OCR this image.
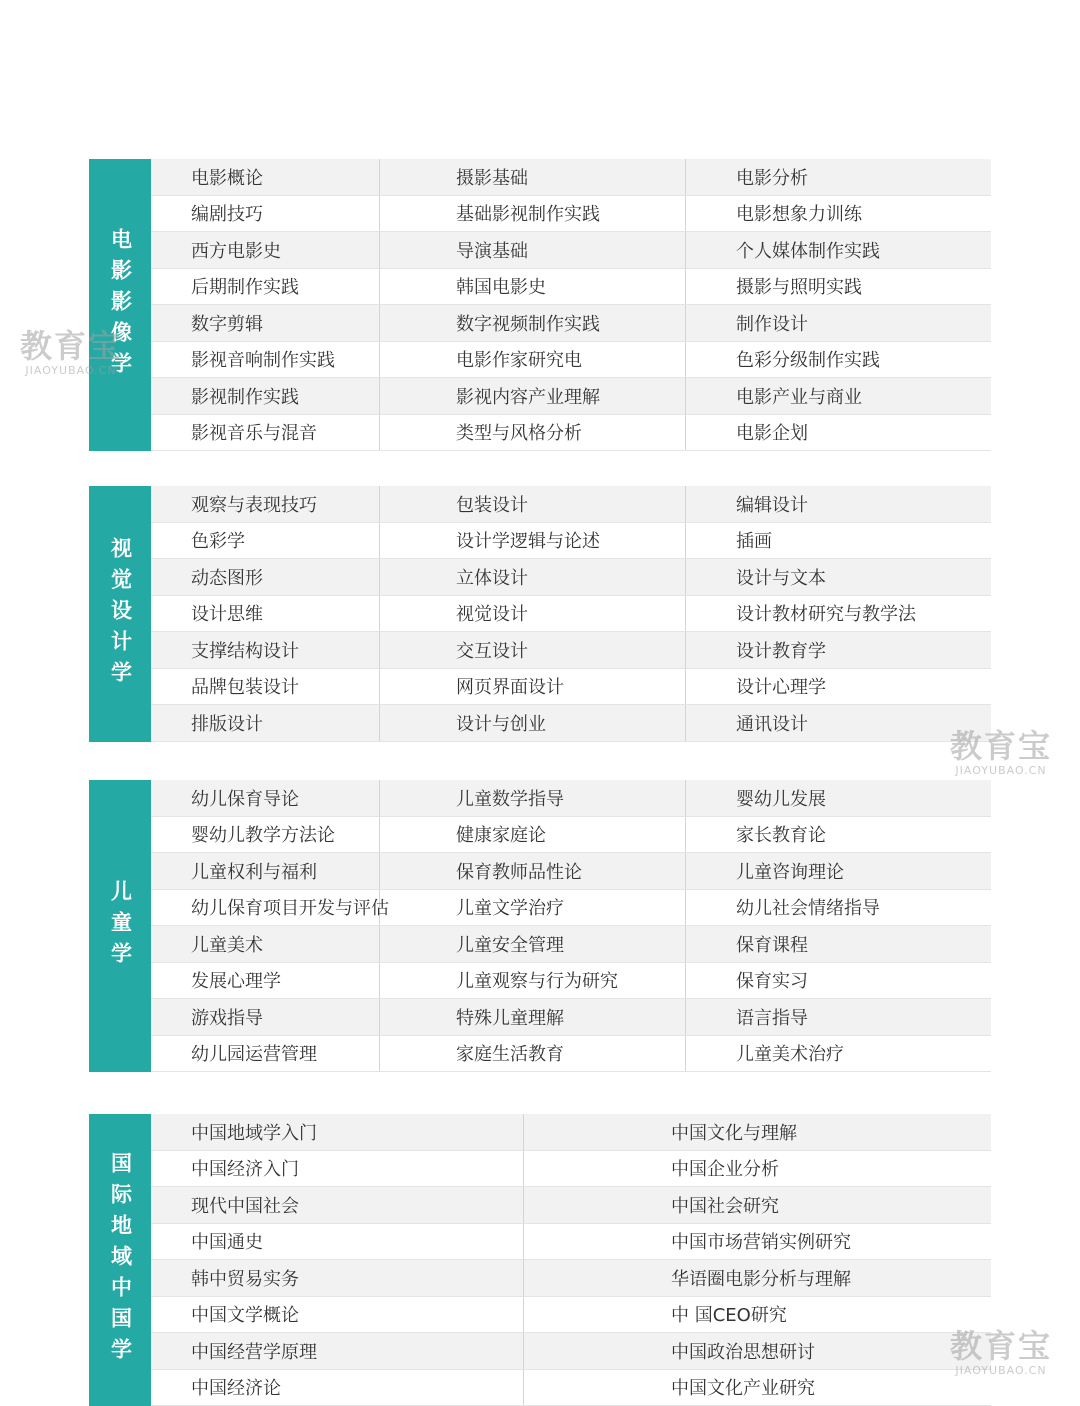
电影影像学
电影概论	摄影基础	电影分析
编剧技巧	基础影视制作实践	电影想象力训练
西方电影史	导演基础	个人媒体制作实践
后期制作实践	韩国电影史	摄影与照明实践
数字剪辑	数字视频制作实践	制作设计
影视音响制作实践	电影作家研究电	色彩分级制作实践
影视制作实践	影视内容产业理解	电影产业与商业
影视音乐与混音	类型与风格分析	电影企划
视觉设计学
观察与表现技巧	包装设计	编辑设计
色彩学	设计学逻辑与论述	插画
动态图形	立体设计	设计与文本
设计思维	视觉设计	设计教材研究与教学法
支撑结构设计	交互设计	设计教育学
品牌包装设计	网页界面设计	设计心理学
排版设计	设计与创业	通讯设计
儿童学
幼儿保育导论	儿童数学指导	婴幼儿发展
婴幼儿教学方法论	健康家庭论	家长教育论
儿童权利与福利	保育教师品性论	儿童咨询理论
幼儿保育项目开发与评估	儿童文学治疗	幼儿社会情绪指导
儿童美术	儿童安全管理	保育课程
发展心理学	儿童观察与行为研究	保育实习
游戏指导	特殊儿童理解	语言指导
幼儿园运营管理	家庭生活教育	儿童美术治疗
国际地域中国学
中国地域学入门	中国文化与理解
中国经济入门	中国企业分析
现代中国社会	中国社会研究
中国通史	中国市场营销实例研究
韩中贸易实务	华语圈电影分析与理解
中国文学概论	中 国CEO研究
中国经营学原理	中国政治思想研讨
中国经济论	中国文化产业研究
教育宝
JIAOYUBAO.CN
教育宝
JIAOYUBAO.CN
教育宝
JIAOYUBAO.CN
